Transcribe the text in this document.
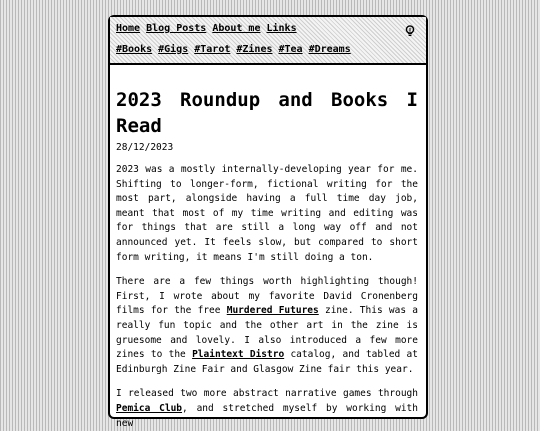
Home Blog Posts About me Links
#Books #Gigs #Tarot #Zines #Tea #Dreams
2023 Roundup and Books I Read
28/12/2023

2023 was a mostly internally-developing year for me. Shifting to longer-form, fictional writing for the most part, alongside having a full time day job, meant that most of my time writing and editing was for things that are still a long way off and not announced yet. It feels slow, but compared to short form writing, it means I'm still doing a ton.

There are a few things worth highlighting though! First, I wrote about my favorite David Cronenberg films for the free Murdered Futures zine. This was a really fun topic and the other art in the zine is gruesome and lovely. I also introduced a few more zines to the Plaintext Distro catalog, and tabled at Edinburgh Zine Fair and Glasgow Zine fair this year.

I released two more abstract narrative games through Pemica Club, and stretched myself by working with new
